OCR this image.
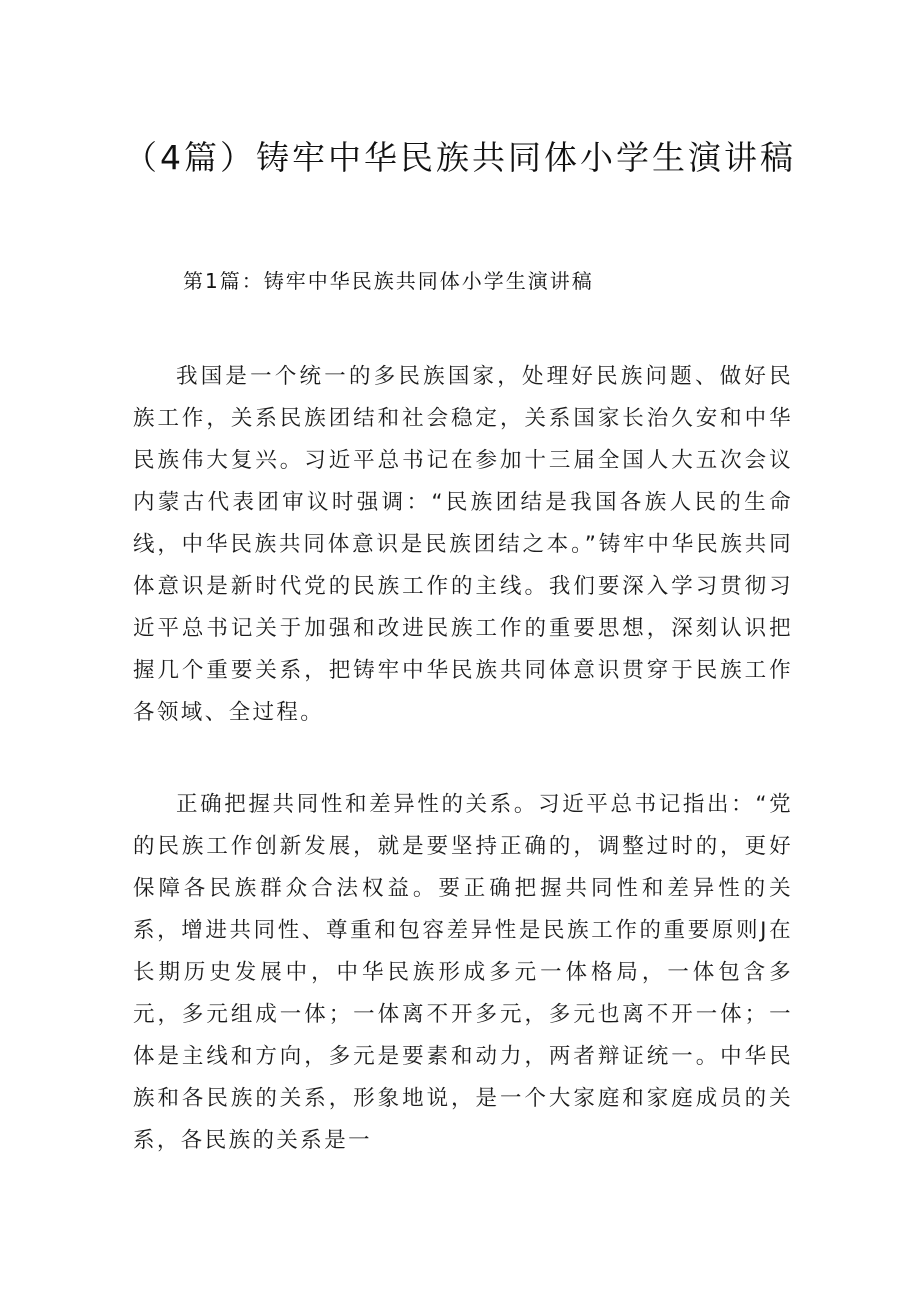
（4篇）铸牢中华民族共同体小学生演讲稿
第1篇：铸牢中华民族共同体小学生演讲稿

我国是一个统一的多民族国家，处理好民族问题、做好民族工作，关系民族团结和社会稳定，关系国家长治久安和中华民族伟大复兴。习近平总书记在参加十三届全国人大五次会议内蒙古代表团审议时强调：“民族团结是我国各族人民的生命线，中华民族共同体意识是民族团结之本。”铸牢中华民族共同体意识是新时代党的民族工作的主线。我们要深入学习贯彻习近平总书记关于加强和改进民族工作的重要思想，深刻认识把握几个重要关系，把铸牢中华民族共同体意识贯穿于民族工作各领域、全过程。

正确把握共同性和差异性的关系。习近平总书记指出：“党的民族工作创新发展，就是要坚持正确的，调整过时的，更好保障各民族群众合法权益。要正确把握共同性和差异性的关系，增进共同性、尊重和包容差异性是民族工作的重要原则J在长期历史发展中，中华民族形成多元一体格局，一体包含多元，多元组成一体；一体离不开多元，多元也离不开一体；一体是主线和方向，多元是要素和动力，两者辩证统一。中华民族和各民族的关系，形象地说，是一个大家庭和家庭成员的关系，各民族的关系是一
